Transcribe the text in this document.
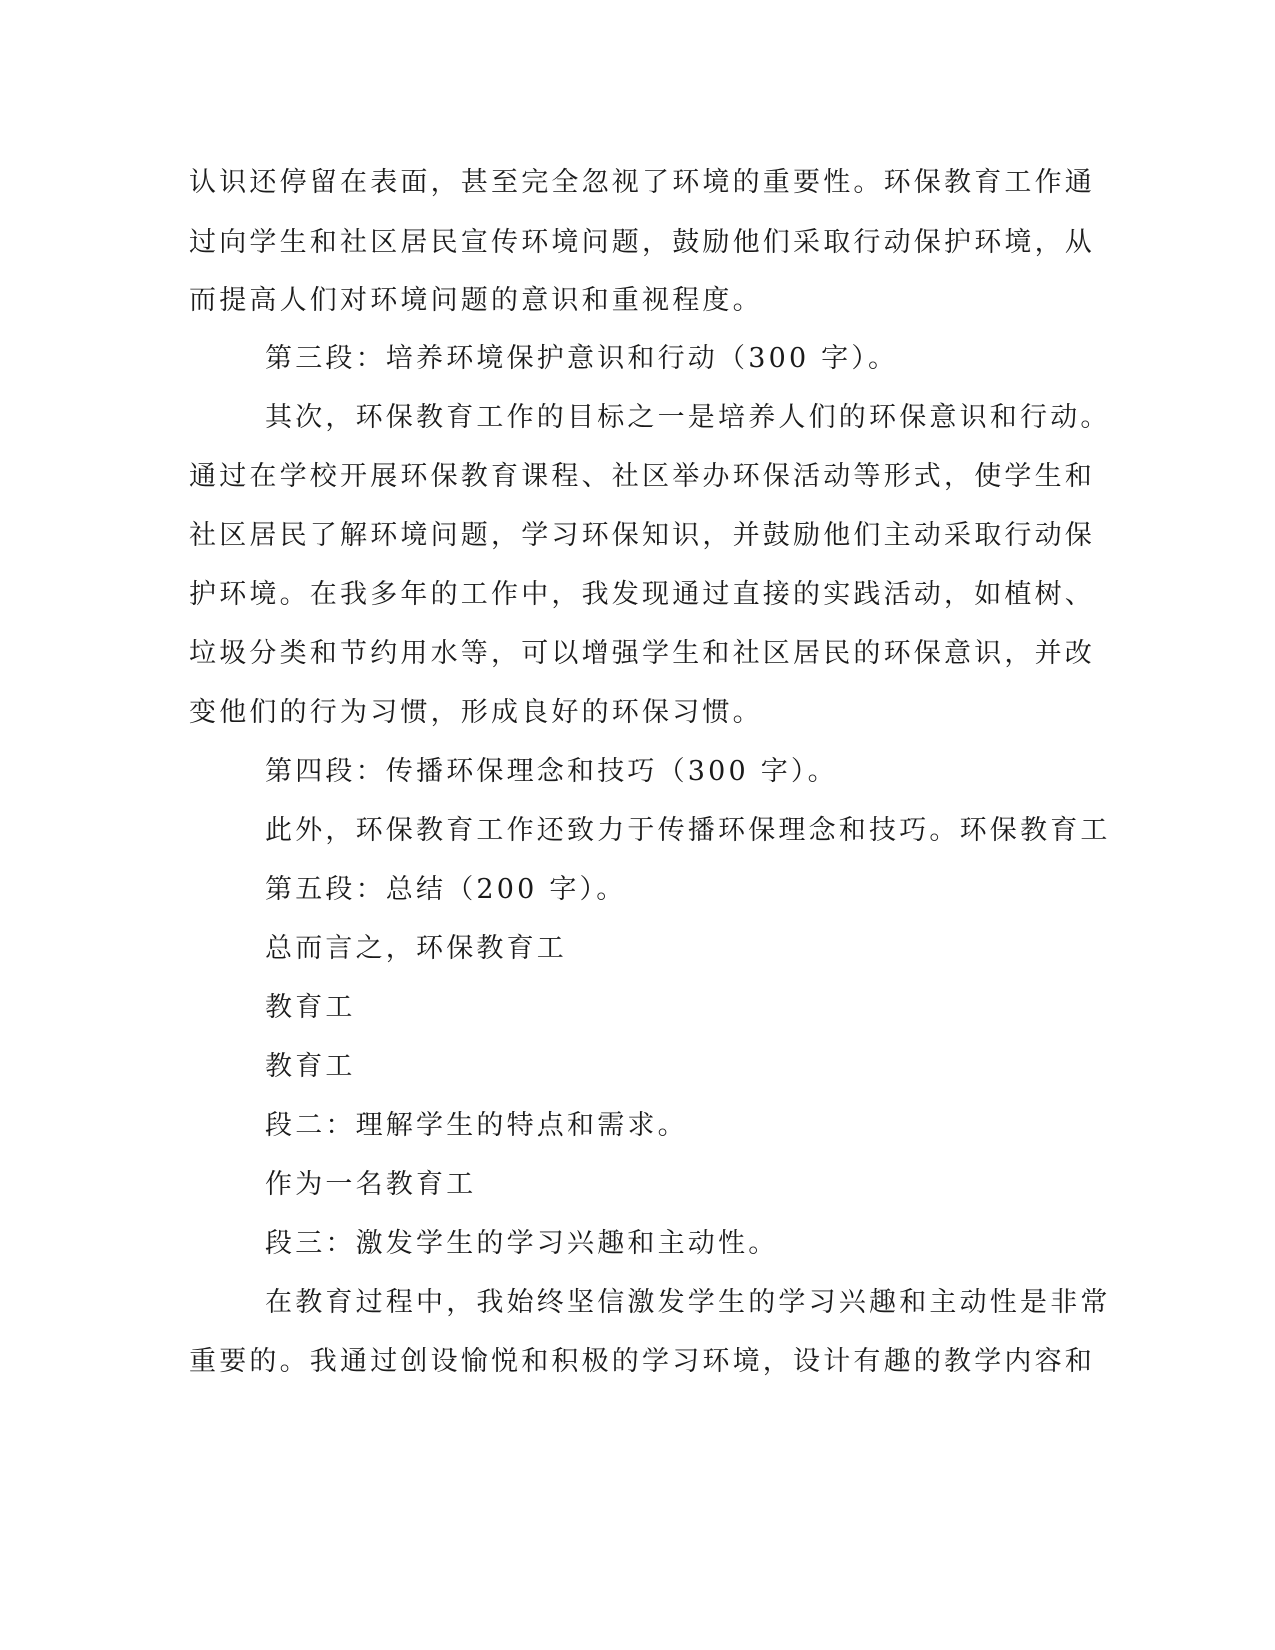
认识还停留在表面，甚至完全忽视了环境的重要性。环保教育工作通
过向学生和社区居民宣传环境问题，鼓励他们采取行动保护环境，从
而提高人们对环境问题的意识和重视程度。
第三段：培养环境保护意识和行动（300 字）。
其次，环保教育工作的目标之一是培养人们的环保意识和行动。
通过在学校开展环保教育课程、社区举办环保活动等形式，使学生和
社区居民了解环境问题，学习环保知识，并鼓励他们主动采取行动保
护环境。在我多年的工作中，我发现通过直接的实践活动，如植树、
垃圾分类和节约用水等，可以增强学生和社区居民的环保意识，并改
变他们的行为习惯，形成良好的环保习惯。
第四段：传播环保理念和技巧（300 字）。
此外，环保教育工作还致力于传播环保理念和技巧。环保教育工
第五段：总结（200 字）。
总而言之，环保教育工
教育工
教育工
段二：理解学生的特点和需求。
作为一名教育工
段三：激发学生的学习兴趣和主动性。
在教育过程中，我始终坚信激发学生的学习兴趣和主动性是非常
重要的。我通过创设愉悦和积极的学习环境，设计有趣的教学内容和
